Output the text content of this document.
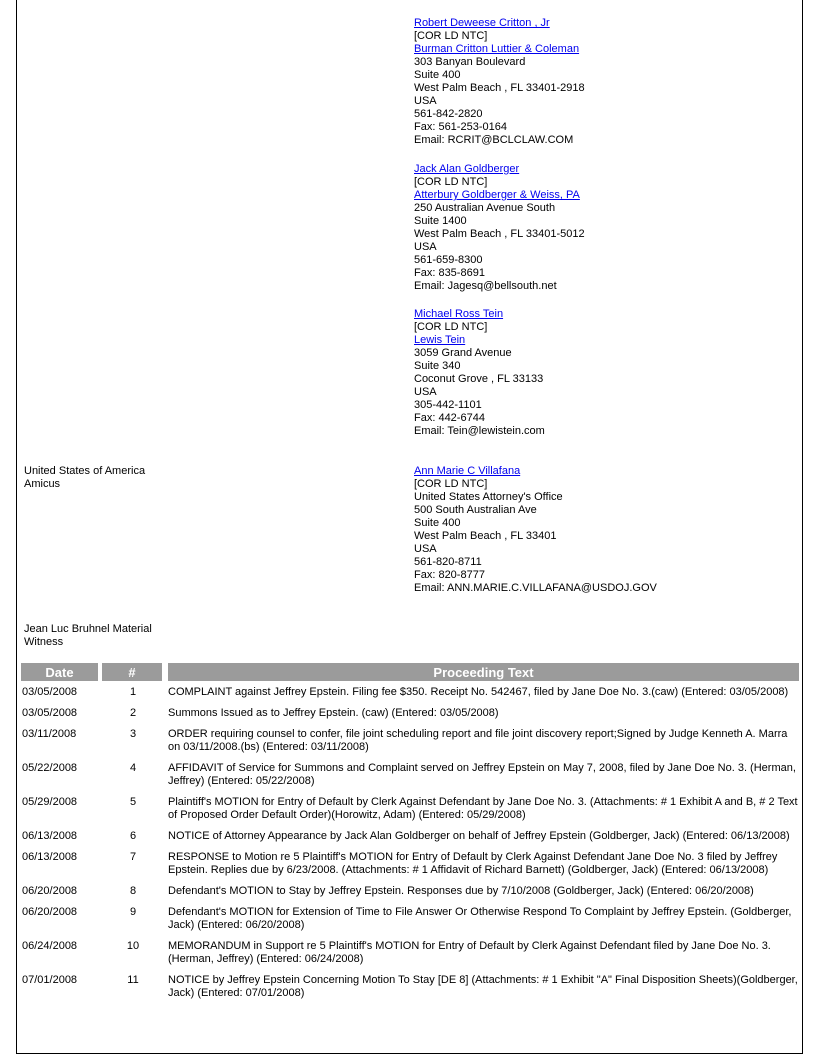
Robert Deweese Critton , Jr
[COR LD NTC]
Burman Critton Luttier & Coleman
303 Banyan Boulevard
Suite 400
West Palm Beach , FL 33401-2918
USA
561-842-2820
Fax: 561-253-0164
Email: RCRIT@BCLCLAW.COM
Jack Alan Goldberger
[COR LD NTC]
Atterbury Goldberger & Weiss, PA
250 Australian Avenue South
Suite 1400
West Palm Beach , FL 33401-5012
USA
561-659-8300
Fax: 835-8691
Email: Jagesq@bellsouth.net
Michael Ross Tein
[COR LD NTC]
Lewis Tein
3059 Grand Avenue
Suite 340
Coconut Grove , FL 33133
USA
305-442-1101
Fax: 442-6744
Email: Tein@lewistein.com
United States of America
Amicus
Ann Marie C Villafana
[COR LD NTC]
United States Attorney's Office
500 South Australian Ave
Suite 400
West Palm Beach , FL 33401
USA
561-820-8711
Fax: 820-8777
Email: ANN.MARIE.C.VILLAFANA@USDOJ.GOV
Jean Luc Bruhnel Material
Witness
Date		#		Proceeding Text
03/05/2008	1			COMPLAINT against Jeffrey Epstein. Filing fee $350. Receipt No. 542467, filed by Jane Doe No. 3.(caw) (Entered: 03/05/2008)
03/05/2008	2			Summons Issued as to Jeffrey Epstein. (caw) (Entered: 03/05/2008)
03/11/2008	3			ORDER requiring counsel to confer, file joint scheduling report and file joint discovery report;Signed by Judge Kenneth A. Marra on 03/11/2008.(bs) (Entered: 03/11/2008)
05/22/2008	4			AFFIDAVIT of Service for Summons and Complaint served on Jeffrey Epstein on May 7, 2008, filed by Jane Doe No. 3. (Herman, Jeffrey) (Entered: 05/22/2008)
05/29/2008	5			Plaintiff's MOTION for Entry of Default by Clerk Against Defendant by Jane Doe No. 3. (Attachments: # 1 Exhibit A and B, # 2 Text of Proposed Order Default Order)(Horowitz, Adam) (Entered: 05/29/2008)
06/13/2008	6			NOTICE of Attorney Appearance by Jack Alan Goldberger on behalf of Jeffrey Epstein (Goldberger, Jack) (Entered: 06/13/2008)
06/13/2008	7			RESPONSE to Motion re 5 Plaintiff's MOTION for Entry of Default by Clerk Against Defendant Jane Doe No. 3 filed by Jeffrey Epstein. Replies due by 6/23/2008. (Attachments: # 1 Affidavit of Richard Barnett) (Goldberger, Jack) (Entered: 06/13/2008)
06/20/2008	8			Defendant's MOTION to Stay by Jeffrey Epstein. Responses due by 7/10/2008 (Goldberger, Jack) (Entered: 06/20/2008)
06/20/2008	9			Defendant's MOTION for Extension of Time to File Answer Or Otherwise Respond To Complaint by Jeffrey Epstein. (Goldberger, Jack) (Entered: 06/20/2008)
06/24/2008	10			MEMORANDUM in Support re 5 Plaintiff's MOTION for Entry of Default by Clerk Against Defendant filed by Jane Doe No. 3. (Herman, Jeffrey) (Entered: 06/24/2008)
07/01/2008	11			NOTICE by Jeffrey Epstein Concerning Motion To Stay [DE 8] (Attachments: # 1 Exhibit "A" Final Disposition Sheets)(Goldberger, Jack) (Entered: 07/01/2008)
